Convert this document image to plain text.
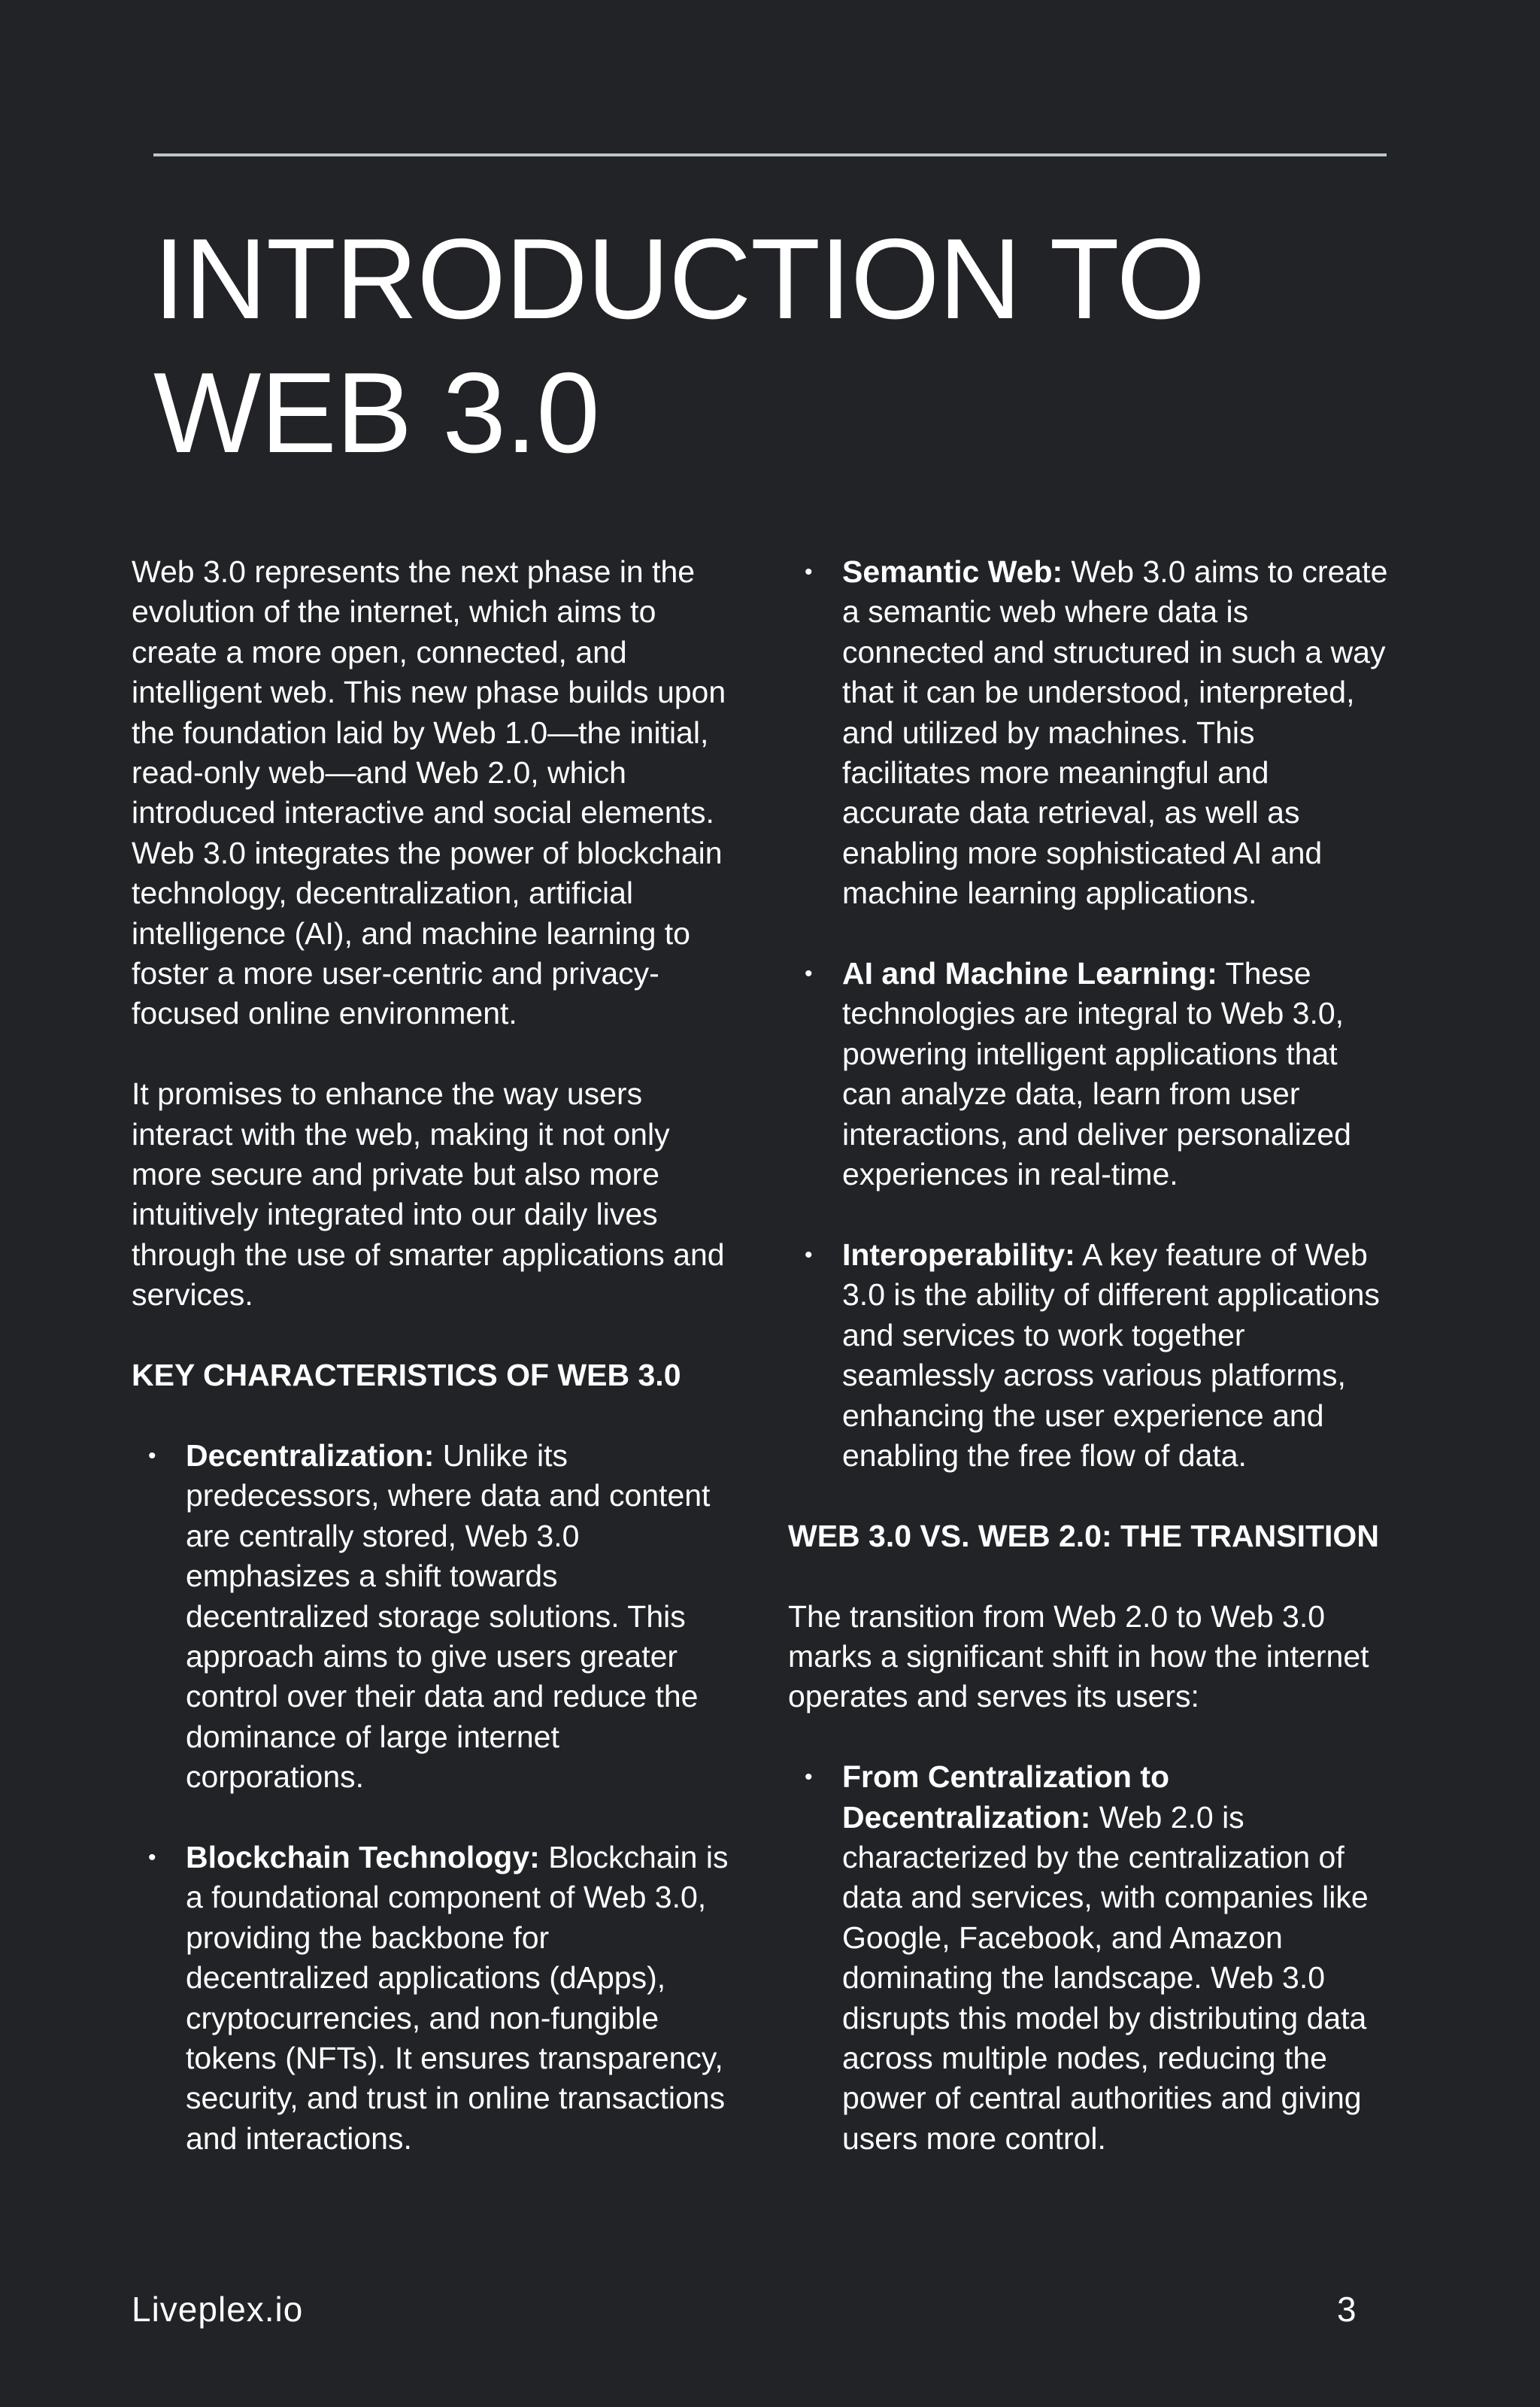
INTRODUCTION TO
WEB 3.0

Web 3.0 represents the next phase in the evolution of the internet, which aims to create a more open, connected, and intelligent web. This new phase builds upon the foundation laid by Web 1.0—the initial, read-only web—and Web 2.0, which introduced interactive and social elements. Web 3.0 integrates the power of blockchain technology, decentralization, artificial intelligence (AI), and machine learning to foster a more user-centric and privacy-focused online environment.

It promises to enhance the way users interact with the web, making it not only more secure and private but also more intuitively integrated into our daily lives through the use of smarter applications and services.

KEY CHARACTERISTICS OF WEB 3.0
• Decentralization: Unlike its predecessors, where data and content are centrally stored, Web 3.0 emphasizes a shift towards decentralized storage solutions. This approach aims to give users greater control over their data and reduce the dominance of large internet corporations.
• Blockchain Technology: Blockchain is a foundational component of Web 3.0, providing the backbone for decentralized applications (dApps), cryptocurrencies, and non-fungible tokens (NFTs). It ensures transparency, security, and trust in online transactions and interactions.
• Semantic Web: Web 3.0 aims to create a semantic web where data is connected and structured in such a way that it can be understood, interpreted, and utilized by machines. This facilitates more meaningful and accurate data retrieval, as well as enabling more sophisticated AI and machine learning applications.
• AI and Machine Learning: These technologies are integral to Web 3.0, powering intelligent applications that can analyze data, learn from user interactions, and deliver personalized experiences in real-time.
• Interoperability: A key feature of Web 3.0 is the ability of different applications and services to work together seamlessly across various platforms, enhancing the user experience and enabling the free flow of data.
WEB 3.0 VS. WEB 2.0: THE TRANSITION

The transition from Web 2.0 to Web 3.0 marks a significant shift in how the internet operates and serves its users:

• From Centralization to Decentralization: Web 2.0 is characterized by the centralization of data and services, with companies like Google, Facebook, and Amazon dominating the landscape. Web 3.0 disrupts this model by distributing data across multiple nodes, reducing the power of central authorities and giving users more control.
Liveplex.io	3
